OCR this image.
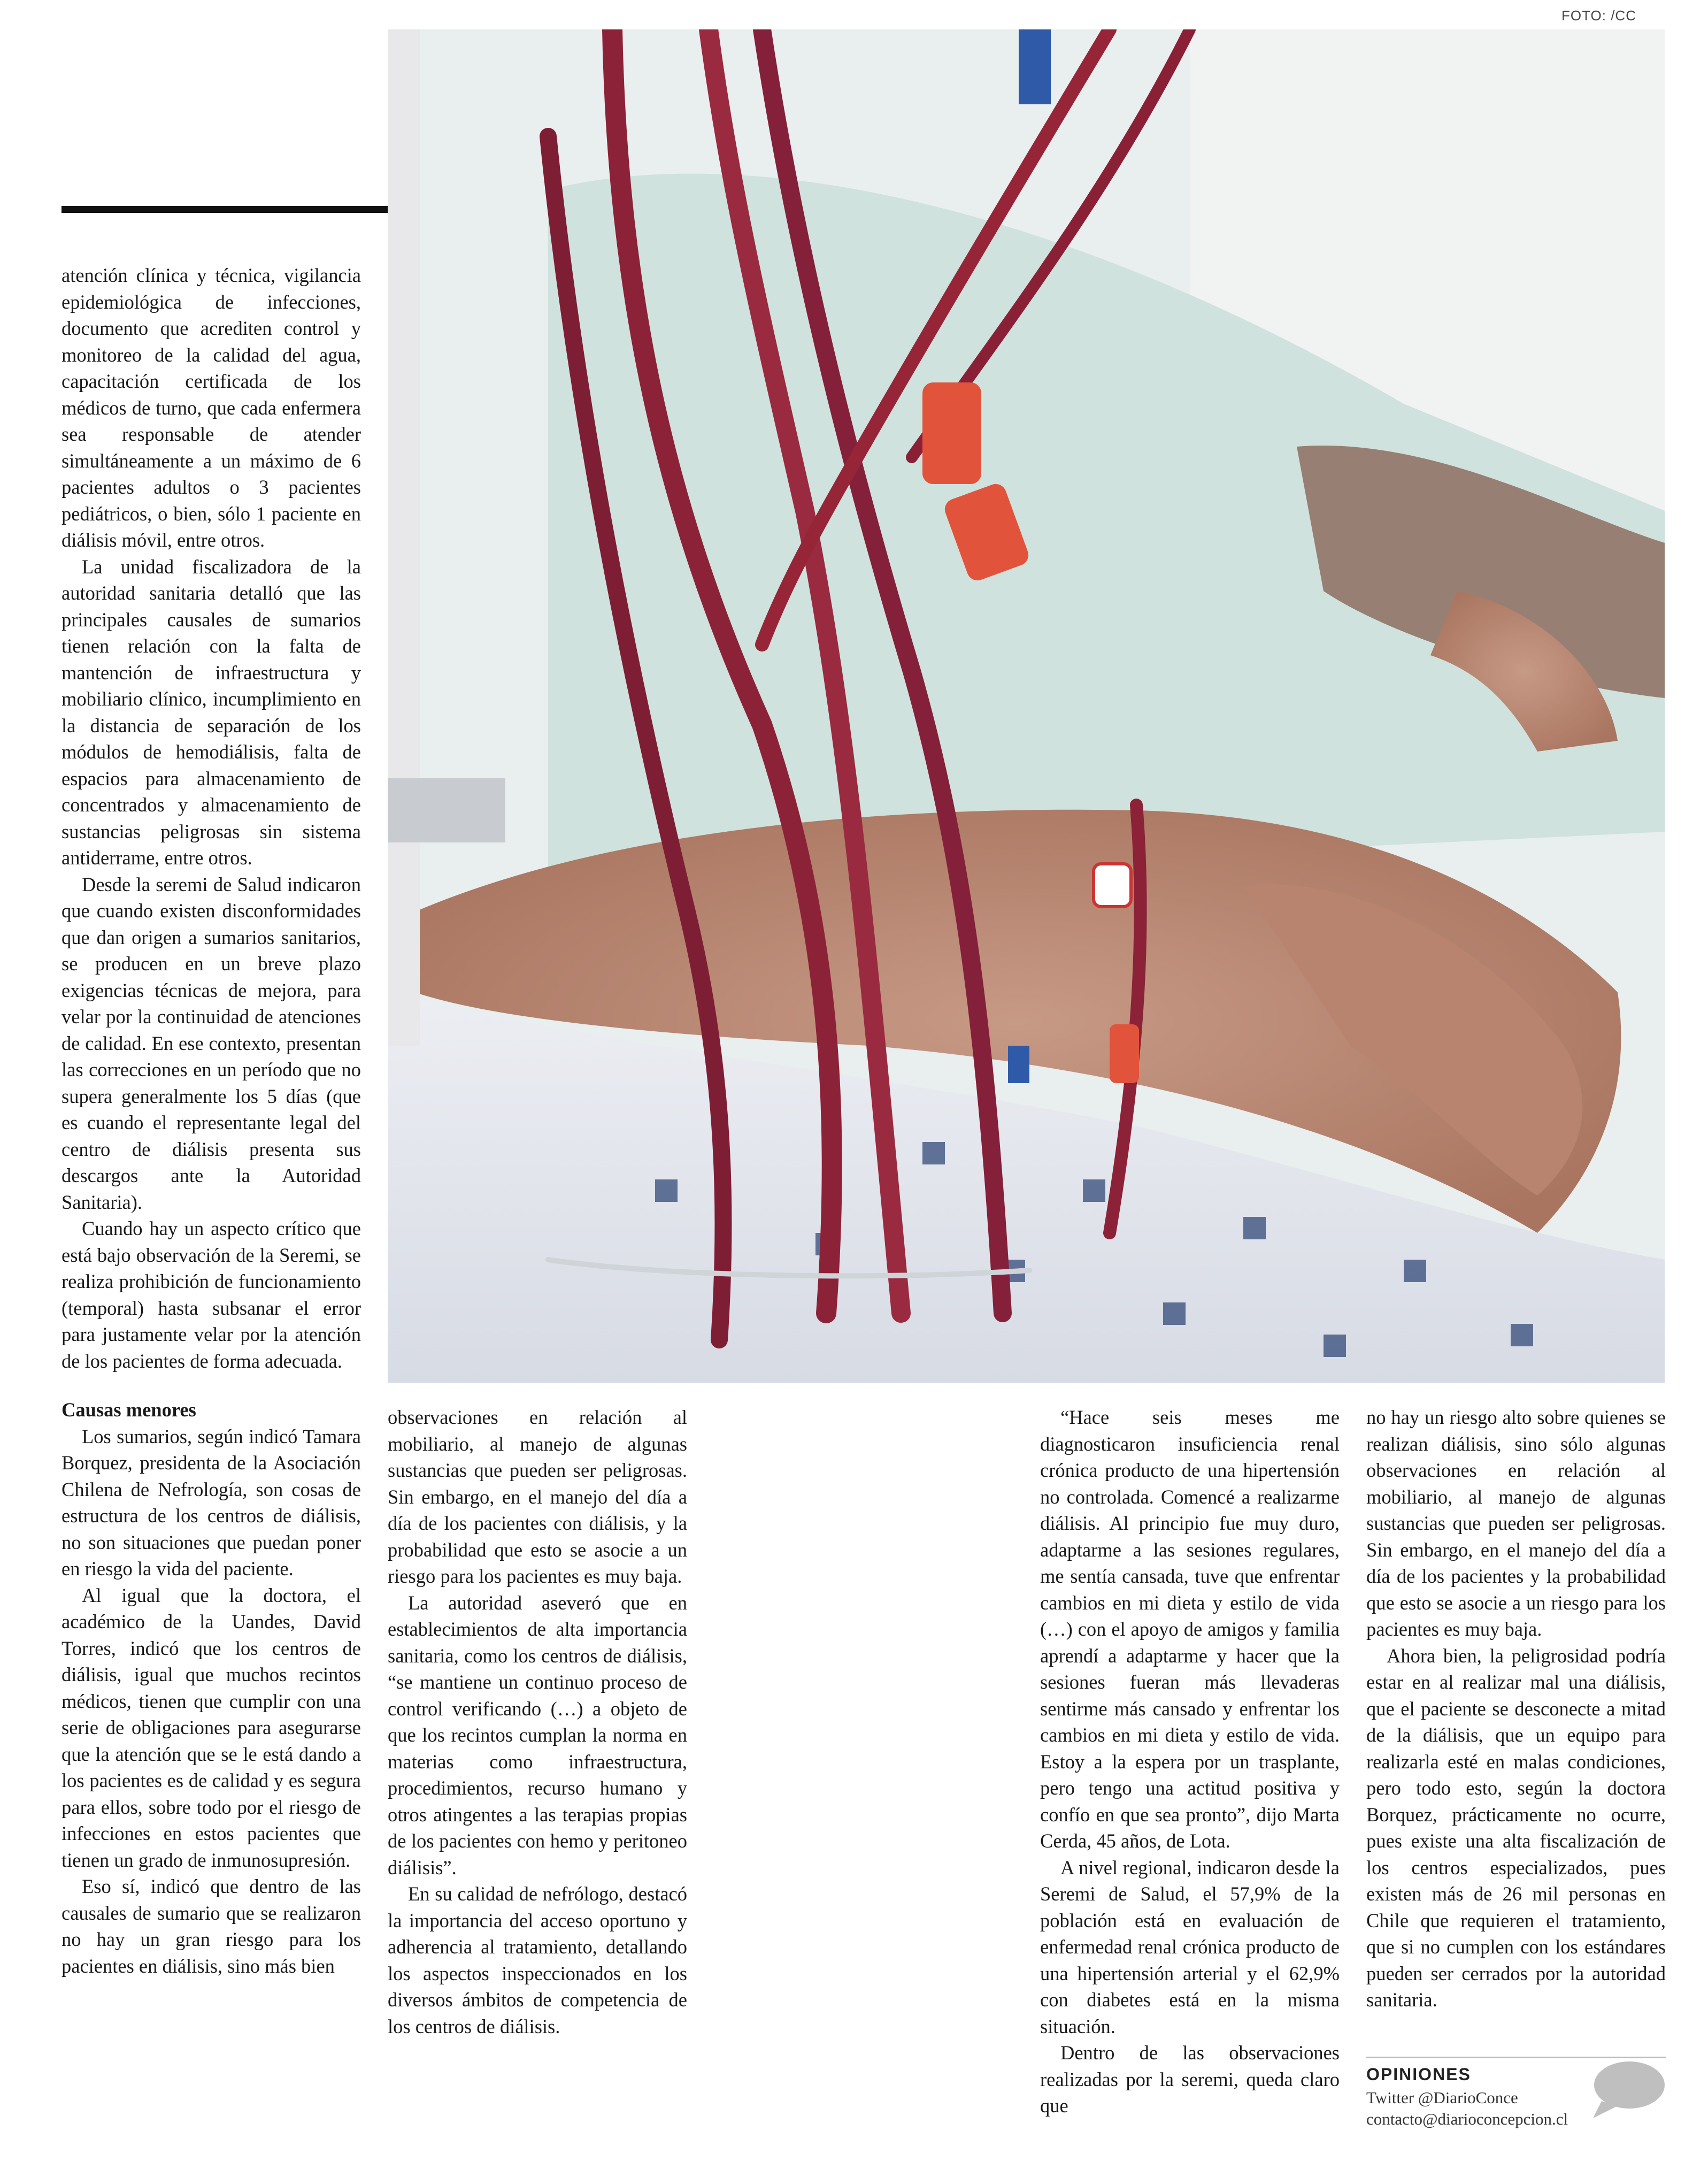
FOTO: /CC

atención clínica y técnica, vigilancia epidemiológica de infecciones, documento que acrediten control y monitoreo de la calidad del agua, capacitación certificada de los médicos de turno, que cada enfermera sea responsable de atender simultáneamente a un máximo de 6 pacientes adultos o 3 pacientes pediátricos, o bien, sólo 1 paciente en diálisis móvil, entre otros.

La unidad fiscalizadora de la autoridad sanitaria detalló que las principales causales de sumarios tienen relación con la falta de mantención de infraestructura y mobiliario clínico, incumplimiento en la distancia de separación de los módulos de hemodiálisis, falta de espacios para almacenamiento de concentrados y almacenamiento de sustancias peligrosas sin sistema antiderrame, entre otros.

Desde la seremi de Salud indicaron que cuando existen disconformidades que dan origen a sumarios sanitarios, se producen en un breve plazo exigencias técnicas de mejora, para velar por la continuidad de atenciones de calidad. En ese contexto, presentan las correcciones en un período que no supera generalmente los 5 días (que es cuando el representante legal del centro de diálisis presenta sus descargos ante la Autoridad Sanitaria).

Cuando hay un aspecto crítico que está bajo observación de la Seremi, se realiza prohibición de funcionamiento (temporal) hasta subsanar el error para justamente velar por la atención de los pacientes de forma adecuada.

Causas menores

Los sumarios, según indicó Tamara Borquez, presidenta de la Asociación Chilena de Nefrología, son cosas de estructura de los centros de diálisis, no son situaciones que puedan poner en riesgo la vida del paciente.

Al igual que la doctora, el académico de la Uandes, David Torres, indicó que los centros de diálisis, igual que muchos recintos médicos, tienen que cumplir con una serie de obligaciones para asegurarse que la atención que se le está dando a los pacientes es de calidad y es segura para ellos, sobre todo por el riesgo de infecciones en estos pacientes que tienen un grado de inmunosupresión.

Eso sí, indicó que dentro de las causales de sumario que se realizaron no hay un gran riesgo para los pacientes en diálisis, sino más bien

observaciones en relación al mobiliario, al manejo de algunas sustancias que pueden ser peligrosas. Sin embargo, en el manejo del día a día de los pacientes con diálisis, y la probabilidad que esto se asocie a un riesgo para los pacientes es muy baja.

La autoridad aseveró que en establecimientos de alta importancia sanitaria, como los centros de diálisis, “se mantiene un continuo proceso de control verificando (…) a objeto de que los recintos cumplan la norma en materias como infraestructura, procedimientos, recurso humano y otros atingentes a las terapias propias de los pacientes con hemo y peritoneo diálisis”.

En su calidad de nefrólogo, destacó la importancia del acceso oportuno y adherencia al tratamiento, detallando los aspectos inspeccionados en los diversos ámbitos de competencia de los centros de diálisis.

“Hace seis meses me diagnosticaron insuficiencia renal crónica producto de una hipertensión no controlada. Comencé a realizarme diálisis. Al principio fue muy duro, adaptarme a las sesiones regulares, me sentía cansada, tuve que enfrentar cambios en mi dieta y estilo de vida (…) con el apoyo de amigos y familia aprendí a adaptarme y hacer que la sesiones fueran más llevaderas sentirme más cansado y enfrentar los cambios en mi dieta y estilo de vida. Estoy a la espera por un trasplante, pero tengo una actitud positiva y confío en que sea pronto”, dijo Marta Cerda, 45 años, de Lota.

A nivel regional, indicaron desde la Seremi de Salud, el 57,9% de la población está en evaluación de enfermedad renal crónica producto de una hipertensión arterial y el 62,9% con diabetes está en la misma situación.

Dentro de las observaciones realizadas por la seremi, queda claro que

no hay un riesgo alto sobre quienes se realizan diálisis, sino sólo algunas observaciones en relación al mobiliario, al manejo de algunas sustancias que pueden ser peligrosas. Sin embargo, en el manejo del día a día de los pacientes y la probabilidad que esto se asocie a un riesgo para los pacientes es muy baja.

Ahora bien, la peligrosidad podría estar en al realizar mal una diálisis, que el paciente se desconecte a mitad de la diálisis, que un equipo para realizarla esté en malas condiciones, pero todo esto, según la doctora Borquez, prácticamente no ocurre, pues existe una alta fiscalización de los centros especializados, pues existen más de 26 mil personas en Chile que requieren el tratamiento, que si no cumplen con los estándares pueden ser cerrados por la autoridad sanitaria.

OPINIONES
Twitter @DiarioConce
contacto@diarioconcepcion.cl
